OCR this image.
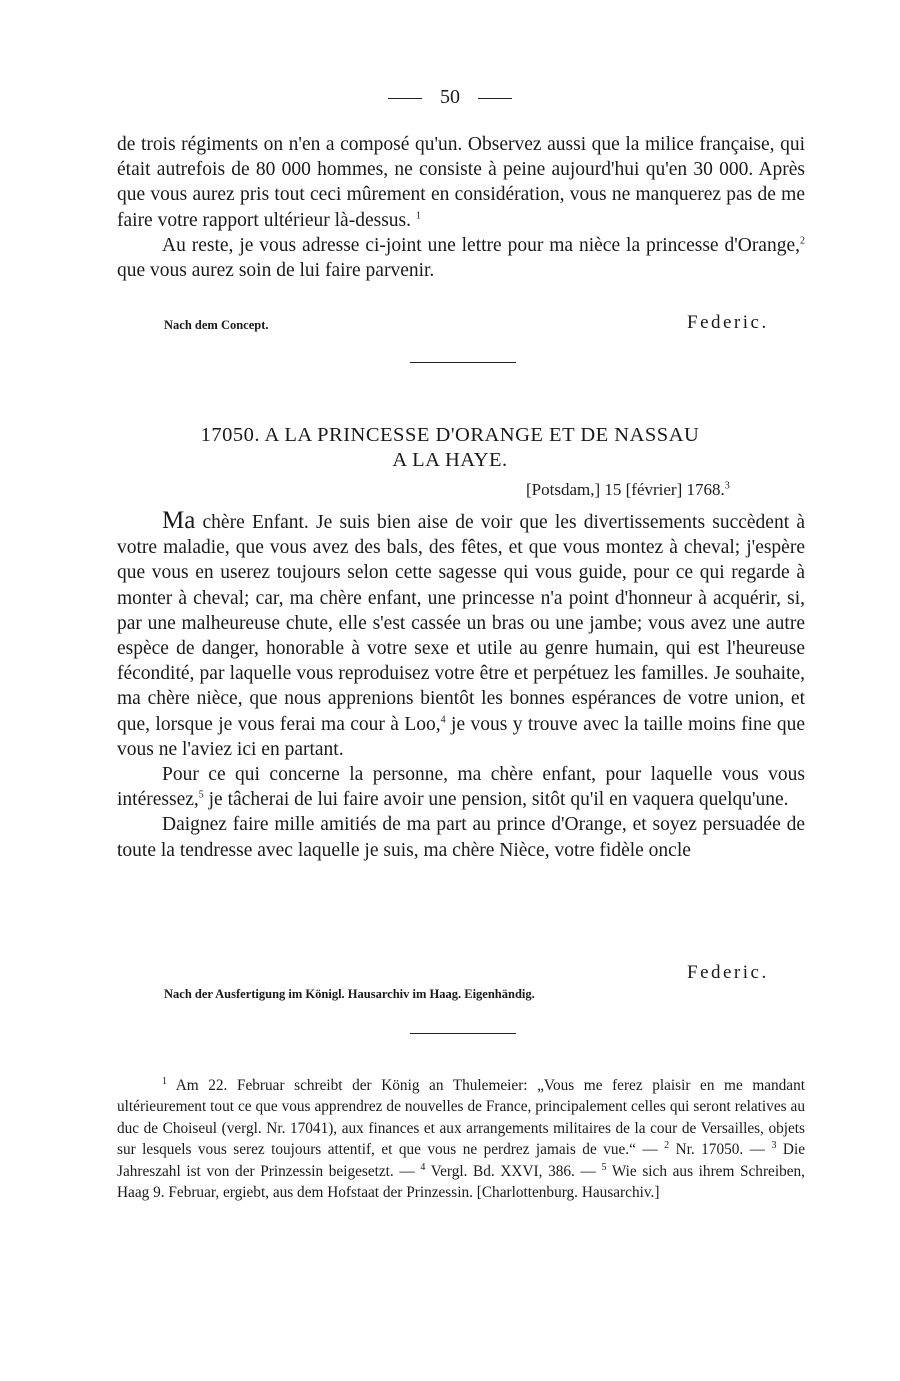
50

de trois régiments on n'en a composé qu'un. Observez aussi que la milice française, qui était autrefois de 80 000 hommes, ne consiste à peine aujourd'hui qu'en 30 000. Après que vous aurez pris tout ceci mûrement en considération, vous ne manquerez pas de me faire votre rapport ultérieur là-dessus. $^1$

Au reste, je vous adresse ci-joint une lettre pour ma nièce la princesse d'Orange,$^2$ que vous aurez soin de lui faire parvenir.

Nach dem Concept.	Federic.
17050. A LA PRINCESSE D'ORANGE ET DE NASSAU
A LA HAYE.
[Potsdam,] 15 [février] 1768.$^3$

Ma chère Enfant. Je suis bien aise de voir que les divertissements succèdent à votre maladie, que vous avez des bals, des fêtes, et que vous montez à cheval; j'espère que vous en userez toujours selon cette sagesse qui vous guide, pour ce qui regarde à monter à cheval; car, ma chère enfant, une princesse n'a point d'honneur à acquérir, si, par une malheureuse chute, elle s'est cassée un bras ou une jambe; vous avez une autre espèce de danger, honorable à votre sexe et utile au genre humain, qui est l'heureuse fécondité, par laquelle vous reproduisez votre être et perpétuez les familles. Je souhaite, ma chère nièce, que nous apprenions bientôt les bonnes espérances de votre union, et que, lorsque je vous ferai ma cour à Loo,$^4$ je vous y trouve avec la taille moins fine que vous ne l'aviez ici en partant.

Pour ce qui concerne la personne, ma chère enfant, pour laquelle vous vous intéressez,$^5$ je tâcherai de lui faire avoir une pension, sitôt qu'il en vaquera quelqu'une.

Daignez faire mille amitiés de ma part au prince d'Orange, et soyez persuadée de toute la tendresse avec laquelle je suis, ma chère Nièce, votre fidèle oncle

Federic.
Nach der Ausfertigung im Königl. Hausarchiv im Haag. Eigenhändig.

$^1$ Am 22. Februar schreibt der König an Thulemeier: „Vous me ferez plaisir en me mandant ultérieurement tout ce que vous apprendrez de nouvelles de France, principalement celles qui seront relatives au duc de Choiseul (vergl. Nr. 17041), aux finances et aux arrangements militaires de la cour de Versailles, objets sur lesquels vous serez toujours attentif, et que vous ne perdrez jamais de vue.“ — $^2$ Nr. 17050. — $^3$ Die Jahreszahl ist von der Prinzessin beigesetzt. — $^4$ Vergl. Bd. XXVI, 386. — $^5$ Wie sich aus ihrem Schreiben, Haag 9. Februar, ergiebt, aus dem Hofstaat der Prinzessin. [Charlottenburg. Hausarchiv.]
